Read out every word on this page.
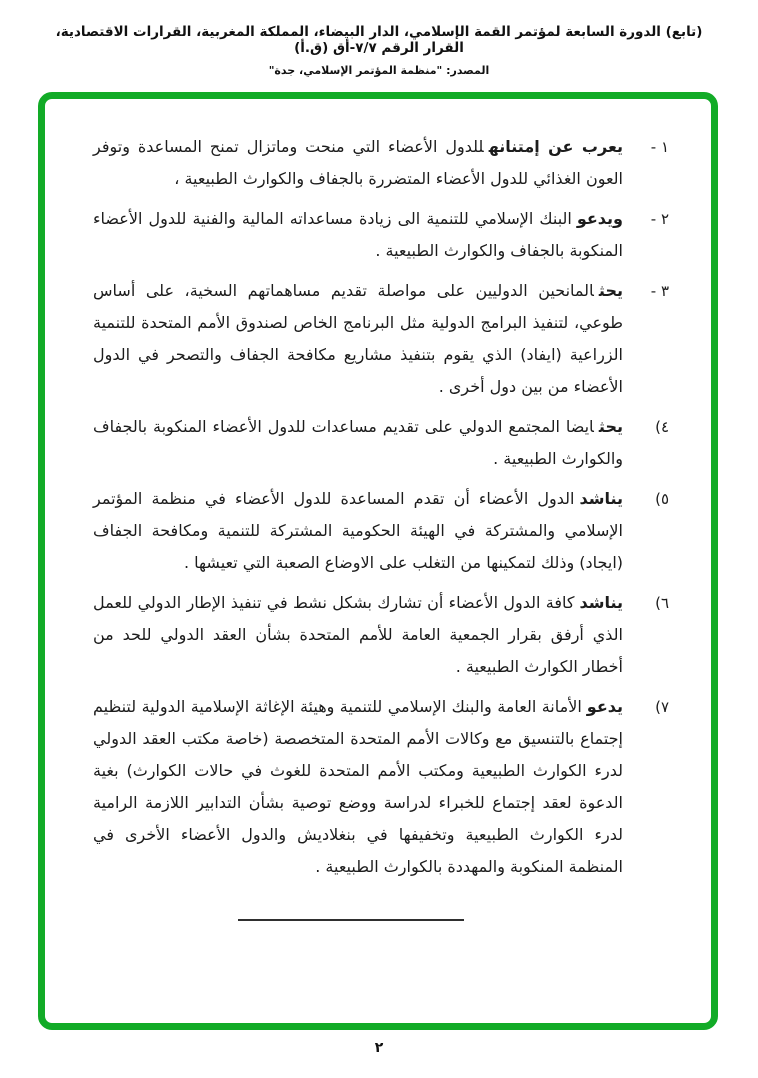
(تابع) الدورة السابعة لمؤتمر القمة الإسلامي، الدار البيضاء، المملكة المغربية، القرارات الاقتصادية، القرار الرقم ٧/٧-أق (ق.أ)
المصدر: "منظمة المؤتمر الإسلامي، جدة"
١ -
يعرب عن إمتنانهللدول الأعضاء التي منحت وماتزال تمنح المساعدة وتوفر العون الغذائي للدول الأعضاء المتضررة بالجفاف والكوارث الطبيعية ،
٢ -
ويدعوالبنك الإسلامي للتنمية الى زيادة مساعداته المالية والفنية للدول الأعضاء المنكوبة بالجفاف والكوارث الطبيعية .
٣ -
يحثالمانحين الدوليين على مواصلة تقديم مساهماتهم السخية، على أساس طوعي، لتنفيذ البرامج الدولية مثل البرنامج الخاص لصندوق الأمم المتحدة للتنمية الزراعية (ايفاد) الذي يقوم بتنفيذ مشاريع مكافحة الجفاف والتصحر في الدول الأعضاء من بين دول أخرى .
٤)
يحثايضا المجتمع الدولي على تقديم مساعدات للدول الأعضاء المنكوبة بالجفاف والكوارث الطبيعية .
٥)
يناشدالدول الأعضاء أن تقدم المساعدة للدول الأعضاء في منظمة المؤتمر الإسلامي والمشتركة في الهيئة الحكومية المشتركة للتنمية ومكافحة الجفاف (ايجاد) وذلك لتمكينها من التغلب على الاوضاع الصعبة التي تعيشها .
٦)
يناشدكافة الدول الأعضاء أن تشارك بشكل نشط في تنفيذ الإطار الدولي للعمل الذي أرفق بقرار الجمعية العامة للأمم المتحدة بشأن العقد الدولي للحد من أخطار الكوارث الطبيعية .
٧)
يدعوالأمانة العامة والبنك الإسلامي للتنمية وهيئة الإغاثة الإسلامية الدولية لتنظيم إجتماع بالتنسيق مع وكالات الأمم المتحدة المتخصصة (خاصة مكتب العقد الدولي لدرء الكوارث الطبيعية ومكتب الأمم المتحدة للغوث في حالات الكوارث) بغية الدعوة لعقد إجتماع للخبراء لدراسة ووضع توصية بشأن التدابير اللازمة الرامية لدرء الكوارث الطبيعية وتخفيفها في بنغلاديش والدول الأعضاء الأخرى في المنظمة المنكوبة والمهددة بالكوارث الطبيعية .
٢
